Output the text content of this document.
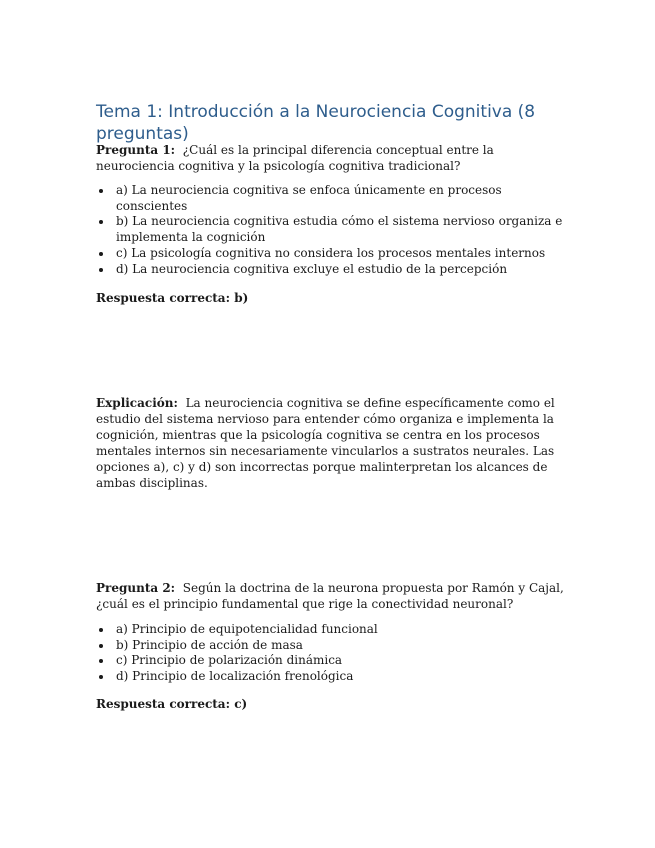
Tema 1: Introducción a la Neurociencia Cognitiva (8 preguntas)

Pregunta 1: ¿Cuál es la principal diferencia conceptual entre la neurociencia cognitiva y la psicología cognitiva tradicional?

a) La neurociencia cognitiva se enfoca únicamente en procesos conscientes
b) La neurociencia cognitiva estudia cómo el sistema nervioso organiza e implementa la cognición
c) La psicología cognitiva no considera los procesos mentales internos
d) La neurociencia cognitiva excluye el estudio de la percepción

Respuesta correcta: b)

Explicación: La neurociencia cognitiva se define específicamente como el estudio del sistema nervioso para entender cómo organiza e implementa la cognición, mientras que la psicología cognitiva se centra en los procesos mentales internos sin necesariamente vincularlos a sustratos neurales. Las opciones a), c) y d) son incorrectas porque malinterpretan los alcances de ambas disciplinas.

Pregunta 2: Según la doctrina de la neurona propuesta por Ramón y Cajal, ¿cuál es el principio fundamental que rige la conectividad neuronal?

a) Principio de equipotencialidad funcional
b) Principio de acción de masa
c) Principio de polarización dinámica
d) Principio de localización frenológica

Respuesta correcta: c)
